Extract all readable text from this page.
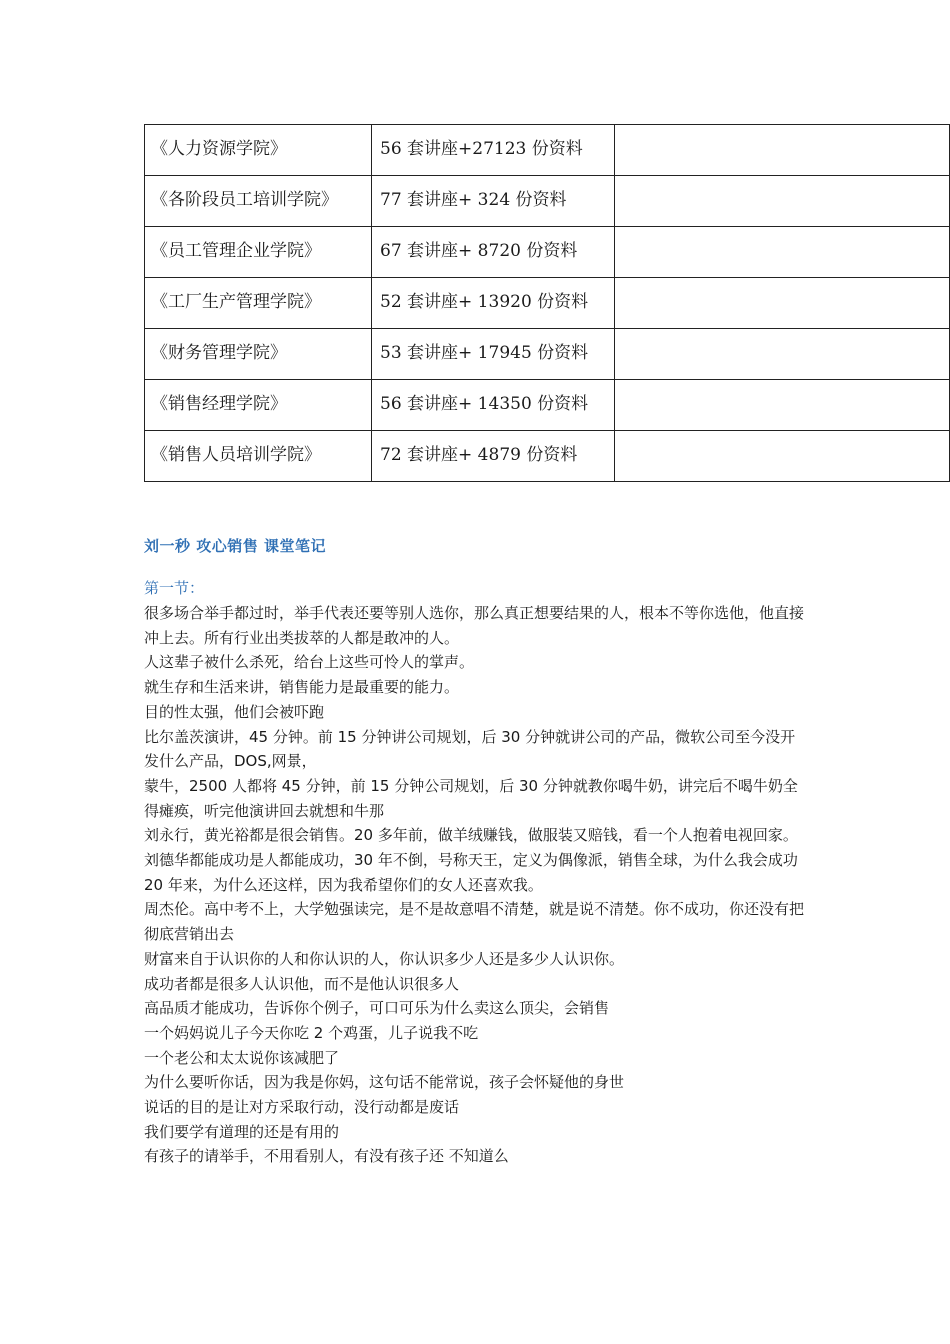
《人力资源学院》	56 套讲座+27123 份资料	
《各阶段员工培训学院》	77 套讲座+ 324 份资料	
《员工管理企业学院》	67 套讲座+ 8720 份资料	
《工厂生产管理学院》	52 套讲座+ 13920 份资料	
《财务管理学院》	53 套讲座+ 17945 份资料	
《销售经理学院》	56 套讲座+ 14350 份资料	
《销售人员培训学院》	72 套讲座+ 4879 份资料	
刘一秒 攻心销售 课堂笔记
第一节：

很多场合举手都过时，举手代表还要等别人选你，那么真正想要结果的人，根本不等你选他，他直接冲上去。所有行业出类拔萃的人都是敢冲的人。

人这辈子被什么杀死，给台上这些可怜人的掌声。

就生存和生活来讲，销售能力是最重要的能力。

目的性太强，他们会被吓跑

比尔盖茨演讲，45 分钟。前 15 分钟讲公司规划，后 30 分钟就讲公司的产品，微软公司至今没开发什么产品，DOS,网景，

蒙牛，2500 人都将 45 分钟，前 15 分钟公司规划，后 30 分钟就教你喝牛奶，讲完后不喝牛奶全得瘫痪，听完他演讲回去就想和牛那

刘永行，黄光裕都是很会销售。20 多年前，做羊绒赚钱，做服装又赔钱，看一个人抱着电视回家。

刘德华都能成功是人都能成功，30 年不倒，号称天王，定义为偶像派，销售全球，为什么我会成功 20 年来，为什么还这样，因为我希望你们的女人还喜欢我。

周杰伦。高中考不上，大学勉强读完，是不是故意唱不清楚，就是说不清楚。你不成功，你还没有把彻底营销出去

财富来自于认识你的人和你认识的人，你认识多少人还是多少人认识你。

成功者都是很多人认识他，而不是他认识很多人

高品质才能成功，告诉你个例子，可口可乐为什么卖这么顶尖，会销售

一个妈妈说儿子今天你吃 2 个鸡蛋，儿子说我不吃

一个老公和太太说你该减肥了

为什么要听你话，因为我是你妈，这句话不能常说，孩子会怀疑他的身世

说话的目的是让对方采取行动，没行动都是废话

我们要学有道理的还是有用的

有孩子的请举手，不用看别人，有没有孩子还 不知道么
